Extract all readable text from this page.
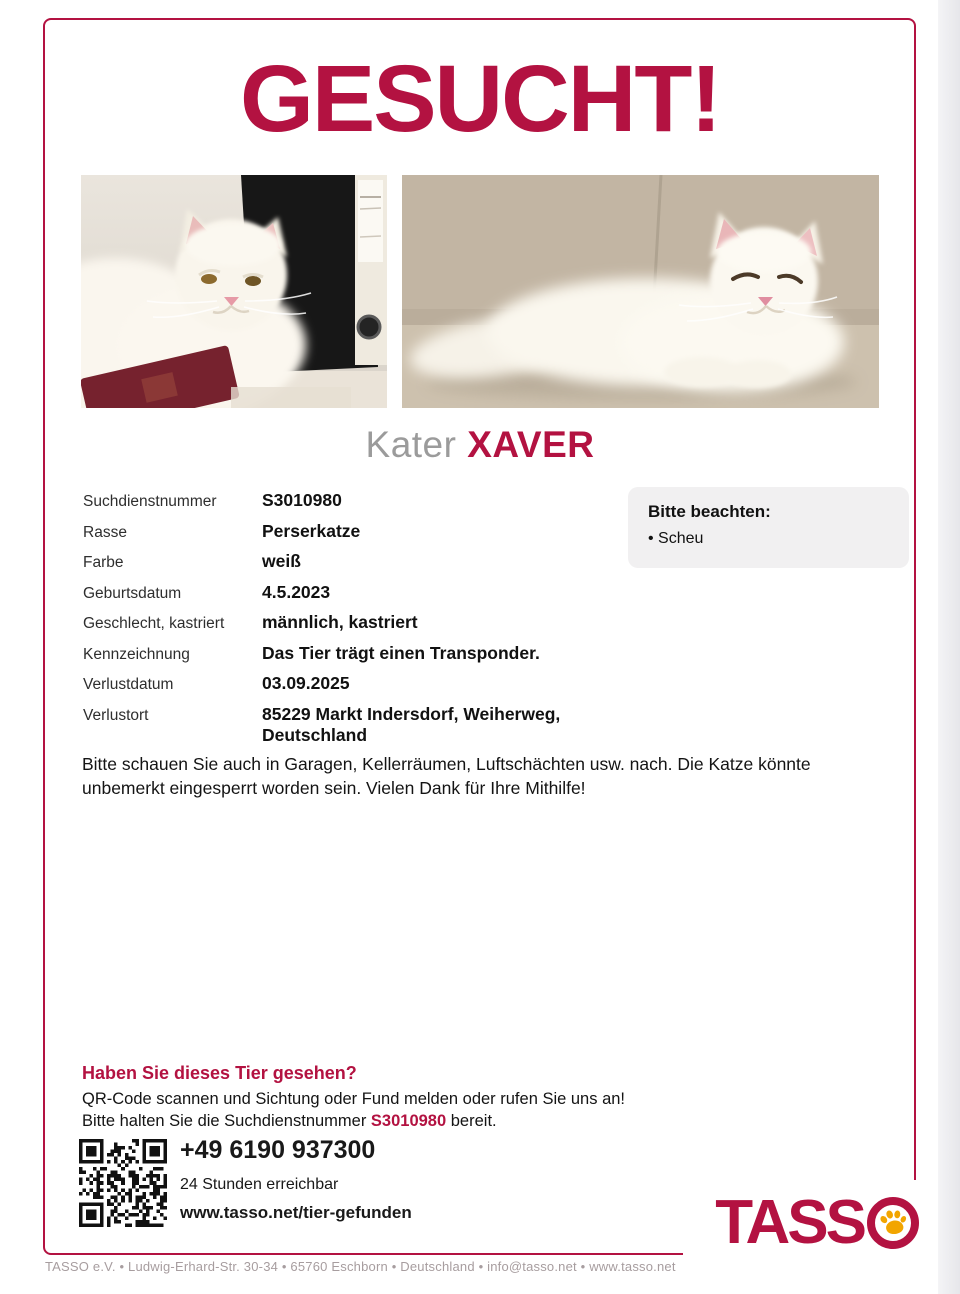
GESUCHT!
Kater XAVER
Suchdienstnummer	S3010980
Rasse	Perserkatze
Farbe	weiß
Geburtsdatum	4.5.2023
Geschlecht, kastriert	männlich, kastriert
Kennzeichnung	Das Tier trägt einen Transponder.
Verlustdatum	03.09.2025
Verlustort	85229 Markt Indersdorf, Weiherweg, Deutschland
Bitte beachten:
• Scheu

Bitte schauen Sie auch in Garagen, Kellerräumen, Luftschächten usw. nach. Die Katze könnte unbemerkt eingesperrt worden sein. Vielen Dank für Ihre Mithilfe!

Haben Sie dieses Tier gesehen?
QR-Code scannen und Sichtung oder Fund melden oder rufen Sie uns an!
Bitte halten Sie die Suchdienstnummer S3010980 bereit.
+49 6190 937300
24 Stunden erreichbar
www.tasso.net/tier-gefunden	TASS
TASSO e.V. • Ludwig-Erhard-Str. 30-34 • 65760 Eschborn • Deutschland • info@tasso.net • www.tasso.net
